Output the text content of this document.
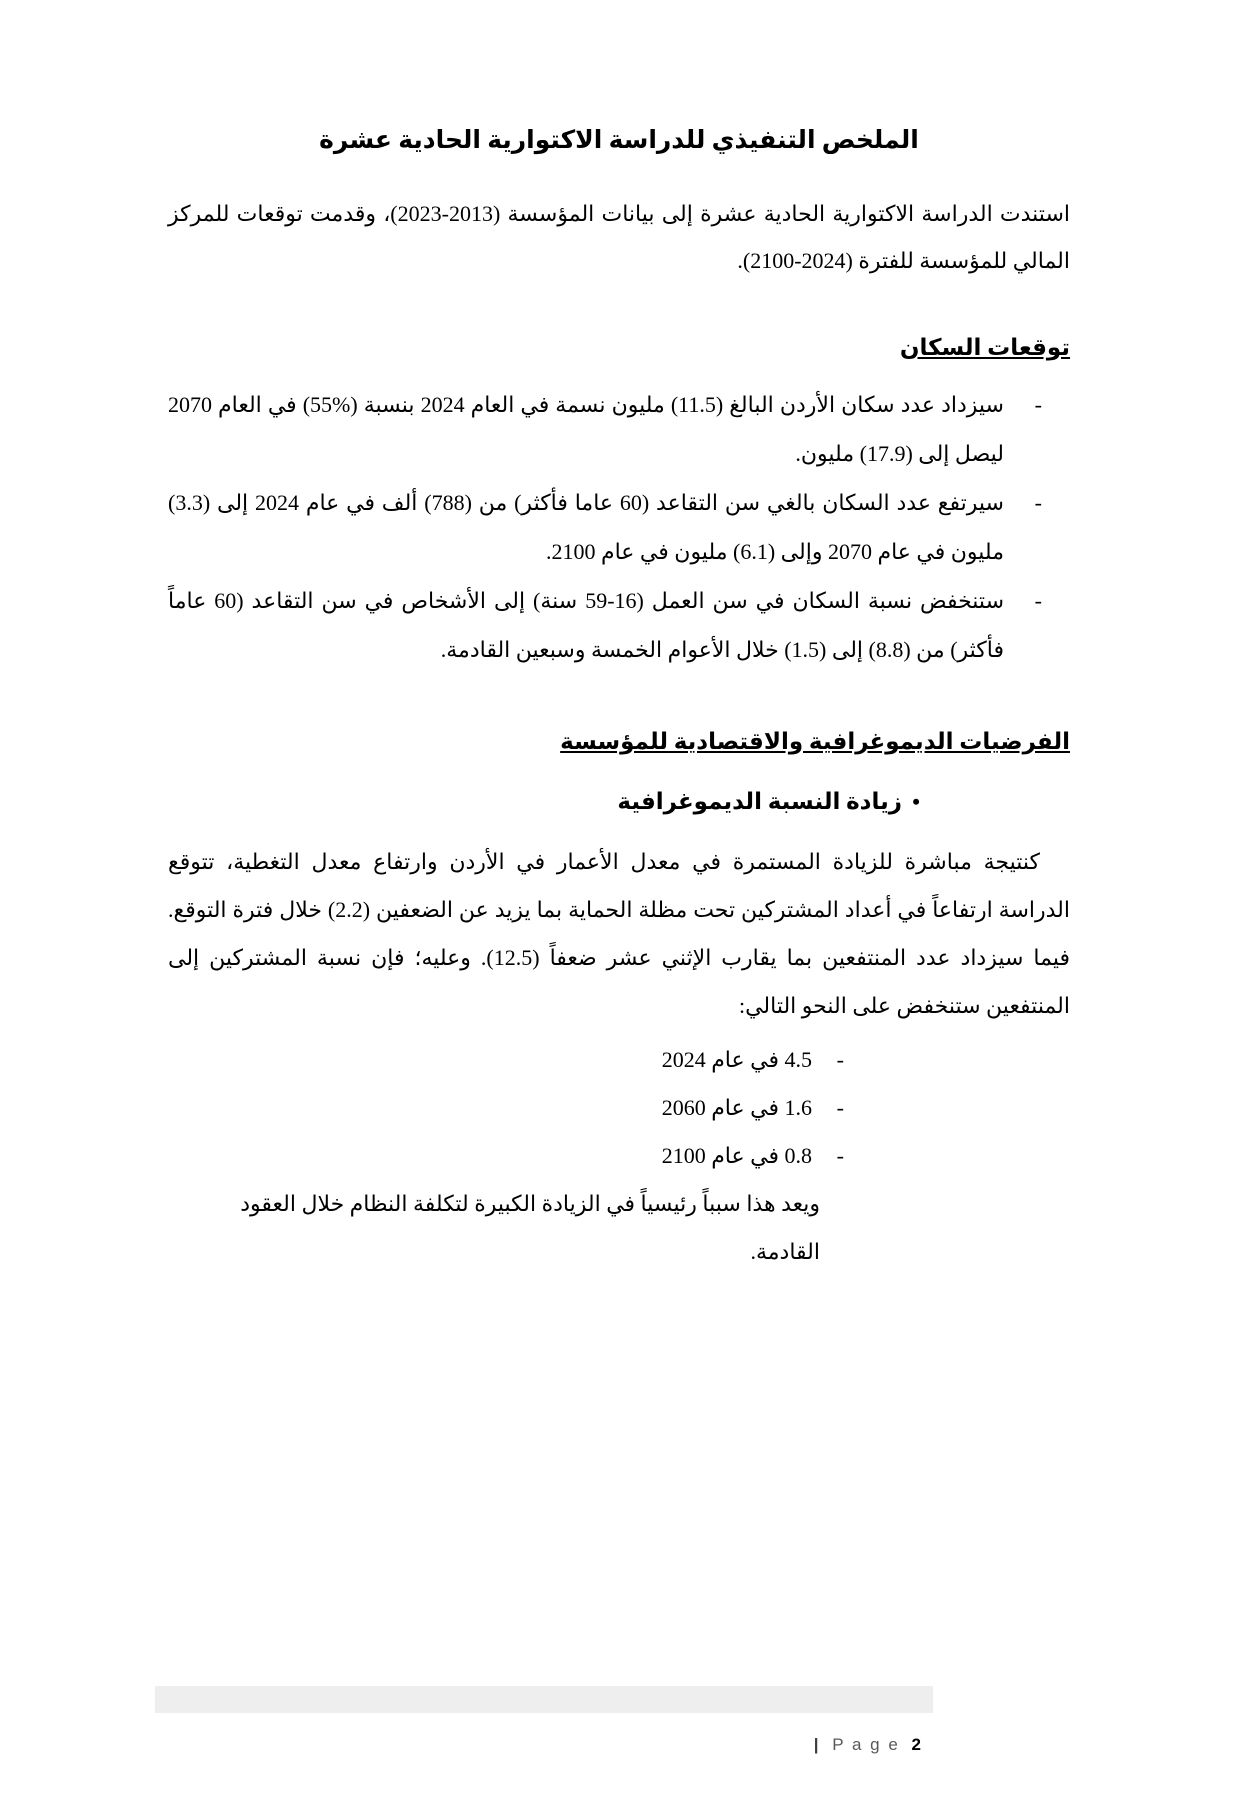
الملخص التنفيذي للدراسة الاكتوارية الحادية عشرة

استندت الدراسة الاكتوارية الحادية عشرة إلى بيانات المؤسسة (2013-2023)، وقدمت توقعات للمركز المالي للمؤسسة للفترة (2024-2100).

توقعات السكان
-
سيزداد عدد سكان الأردن البالغ (11.5) مليون نسمة في العام 2024 بنسبة (%55) في العام 2070 ليصل إلى (17.9) مليون.
-
سيرتفع عدد السكان بالغي سن التقاعد (60 عاما فأكثر) من (788) ألف في عام 2024 إلى (3.3) مليون في عام 2070 وإلى (6.1) مليون في عام 2100.
-
ستنخفض نسبة السكان في سن العمل (16-59 سنة) إلى الأشخاص في سن التقاعد (60 عاماً فأكثر) من (8.8) إلى (1.5) خلال الأعوام الخمسة وسبعين القادمة.
الفرضيات الديموغرافية والاقتصادية للمؤسسة
•
زيادة النسبة الديموغرافية

كنتيجة مباشرة للزيادة المستمرة في معدل الأعمار في الأردن وارتفاع معدل التغطية، تتوقع الدراسة ارتفاعاً في أعداد المشتركين تحت مظلة الحماية بما يزيد عن الضعفين (2.2) خلال فترة التوقع. فيما سيزداد عدد المنتفعين بما يقارب الإثني عشر ضعفاً (12.5). وعليه؛ فإن نسبة المشتركين إلى المنتفعين ستنخفض على النحو التالي:

-
4.5 في عام 2024
-
1.6 في عام 2060
-
0.8 في عام 2100

ويعد هذا سبباً رئيسياً في الزيادة الكبيرة لتكلفة النظام خلال العقود القادمة.

| P a g e 2
